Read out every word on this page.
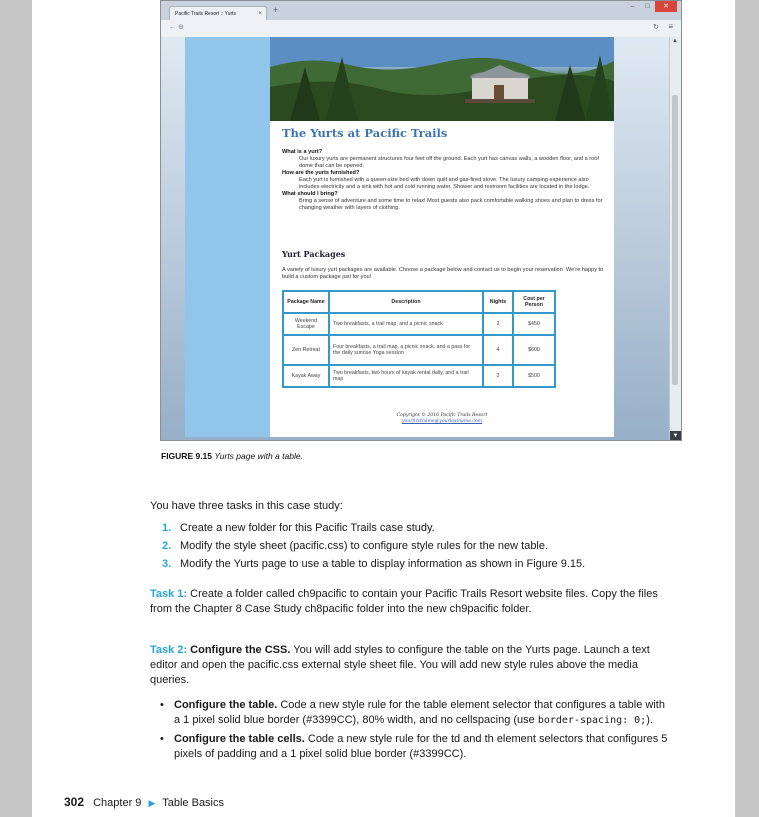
Pacific Trails Resort :: Yurts	× +	–	□	✕
← ⊕	↻ ≡
The Yurts at Pacific Trails
What is a yurt?
Our luxury yurts are permanent structures four feet off the ground. Each yurt has canvas walls, a wooden floor, and a roof dome that can be opened.
How are the yurts furnished?
Each yurt is furnished with a queen-size bed with down quilt and gas-fired stove. The luxury camping experience also includes electricity and a sink with hot and cold running water. Shower and restroom facilities are located in the lodge.
What should I bring?
Bring a sense of adventure and some time to relax! Most guests also pack comfortable walking shoes and plan to dress for changing weather with layers of clothing.
Yurt Packages
A variety of luxury yurt packages are available. Choose a package below and contact us to begin your reservation. We're happy to build a custom package just for you!
Package Name	Description	Nights	Cost per Person
Weekend Escape	Two breakfasts, a trail map, and a picnic snack	2	$450
Zen Retreat	Four breakfasts, a trail map, a picnic snack, and a pass for the daily sunrise Yoga session	4	$600
Kayak Away	Two breakfasts, two hours of kayak rental daily, and a trail map	2	$500
Copyright © 2016 Pacific Trails Resort
yourfirstname@yourlastname.com
▲
▼
FIGURE 9.15 Yurts page with a table.
You have three tasks in this case study:
1. Create a new folder for this Pacific Trails case study.
2. Modify the style sheet (pacific.css) to configure style rules for the new table.
3. Modify the Yurts page to use a table to display information as shown in Figure 9.15.
Task 1: Create a folder called ch9pacific to contain your Pacific Trails Resort website files. Copy the files from the Chapter 8 Case Study ch8pacific folder into the new ch9pacific folder.
Task 2: Configure the CSS. You will add styles to configure the table on the Yurts page. Launch a text editor and open the pacific.css external style sheet file. You will add new style rules above the media queries.
• Configure the table. Code a new style rule for the table element selector that configures a table with a 1 pixel solid blue border (#3399CC), 80% width, and no cellspacing (use border-spacing: 0;).
• Configure the table cells. Code a new style rule for the td and th element selectors that configures 5 pixels of padding and a 1 pixel solid blue border (#3399CC).
302 Chapter 9 ▶ Table Basics
